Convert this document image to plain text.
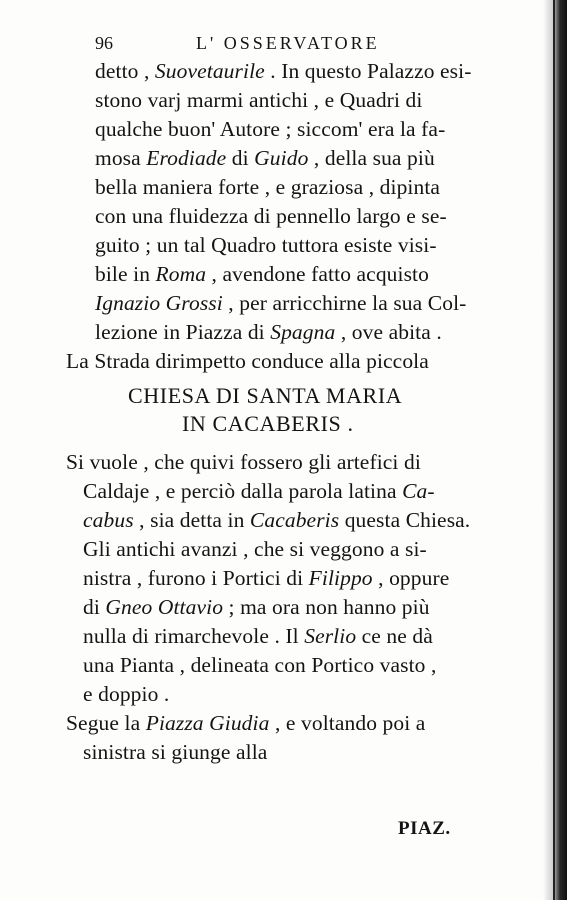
96	L' OSSERVATORE
detto , Suovetaurile . In questo Palazzo esi-
stono varj marmi antichi , e Quadri di
qualche buon' Autore ; siccom' era la fa-
mosa Erodiade di Guido , della sua più
bella maniera forte , e graziosa , dipinta
con una fluidezza di pennello largo e se-
guito ; un tal Quadro tuttora esiste visi-
bile in Roma , avendone fatto acquisto
Ignazio Grossi , per arricchirne la sua Col-
lezione in Piazza di Spagna , ove abita .
La Strada dirimpetto conduce alla piccola
CHIESA DI SANTA MARIA
IN CACABERIS .
Si vuole , che quivi fossero gli artefici di
Caldaje , e perciò dalla parola latina Ca-
cabus , sia detta in Cacaberis questa Chiesa.
Gli antichi avanzi , che si veggono a si-
nistra , furono i Portici di Filippo , oppure
di Gneo Ottavio ; ma ora non hanno più
nulla di rimarchevole . Il Serlio ce ne dà
una Pianta , delineata con Portico vasto ,
e doppio .
Segue la Piazza Giudia , e voltando poi a
sinistra si giunge alla
PIAZ.
